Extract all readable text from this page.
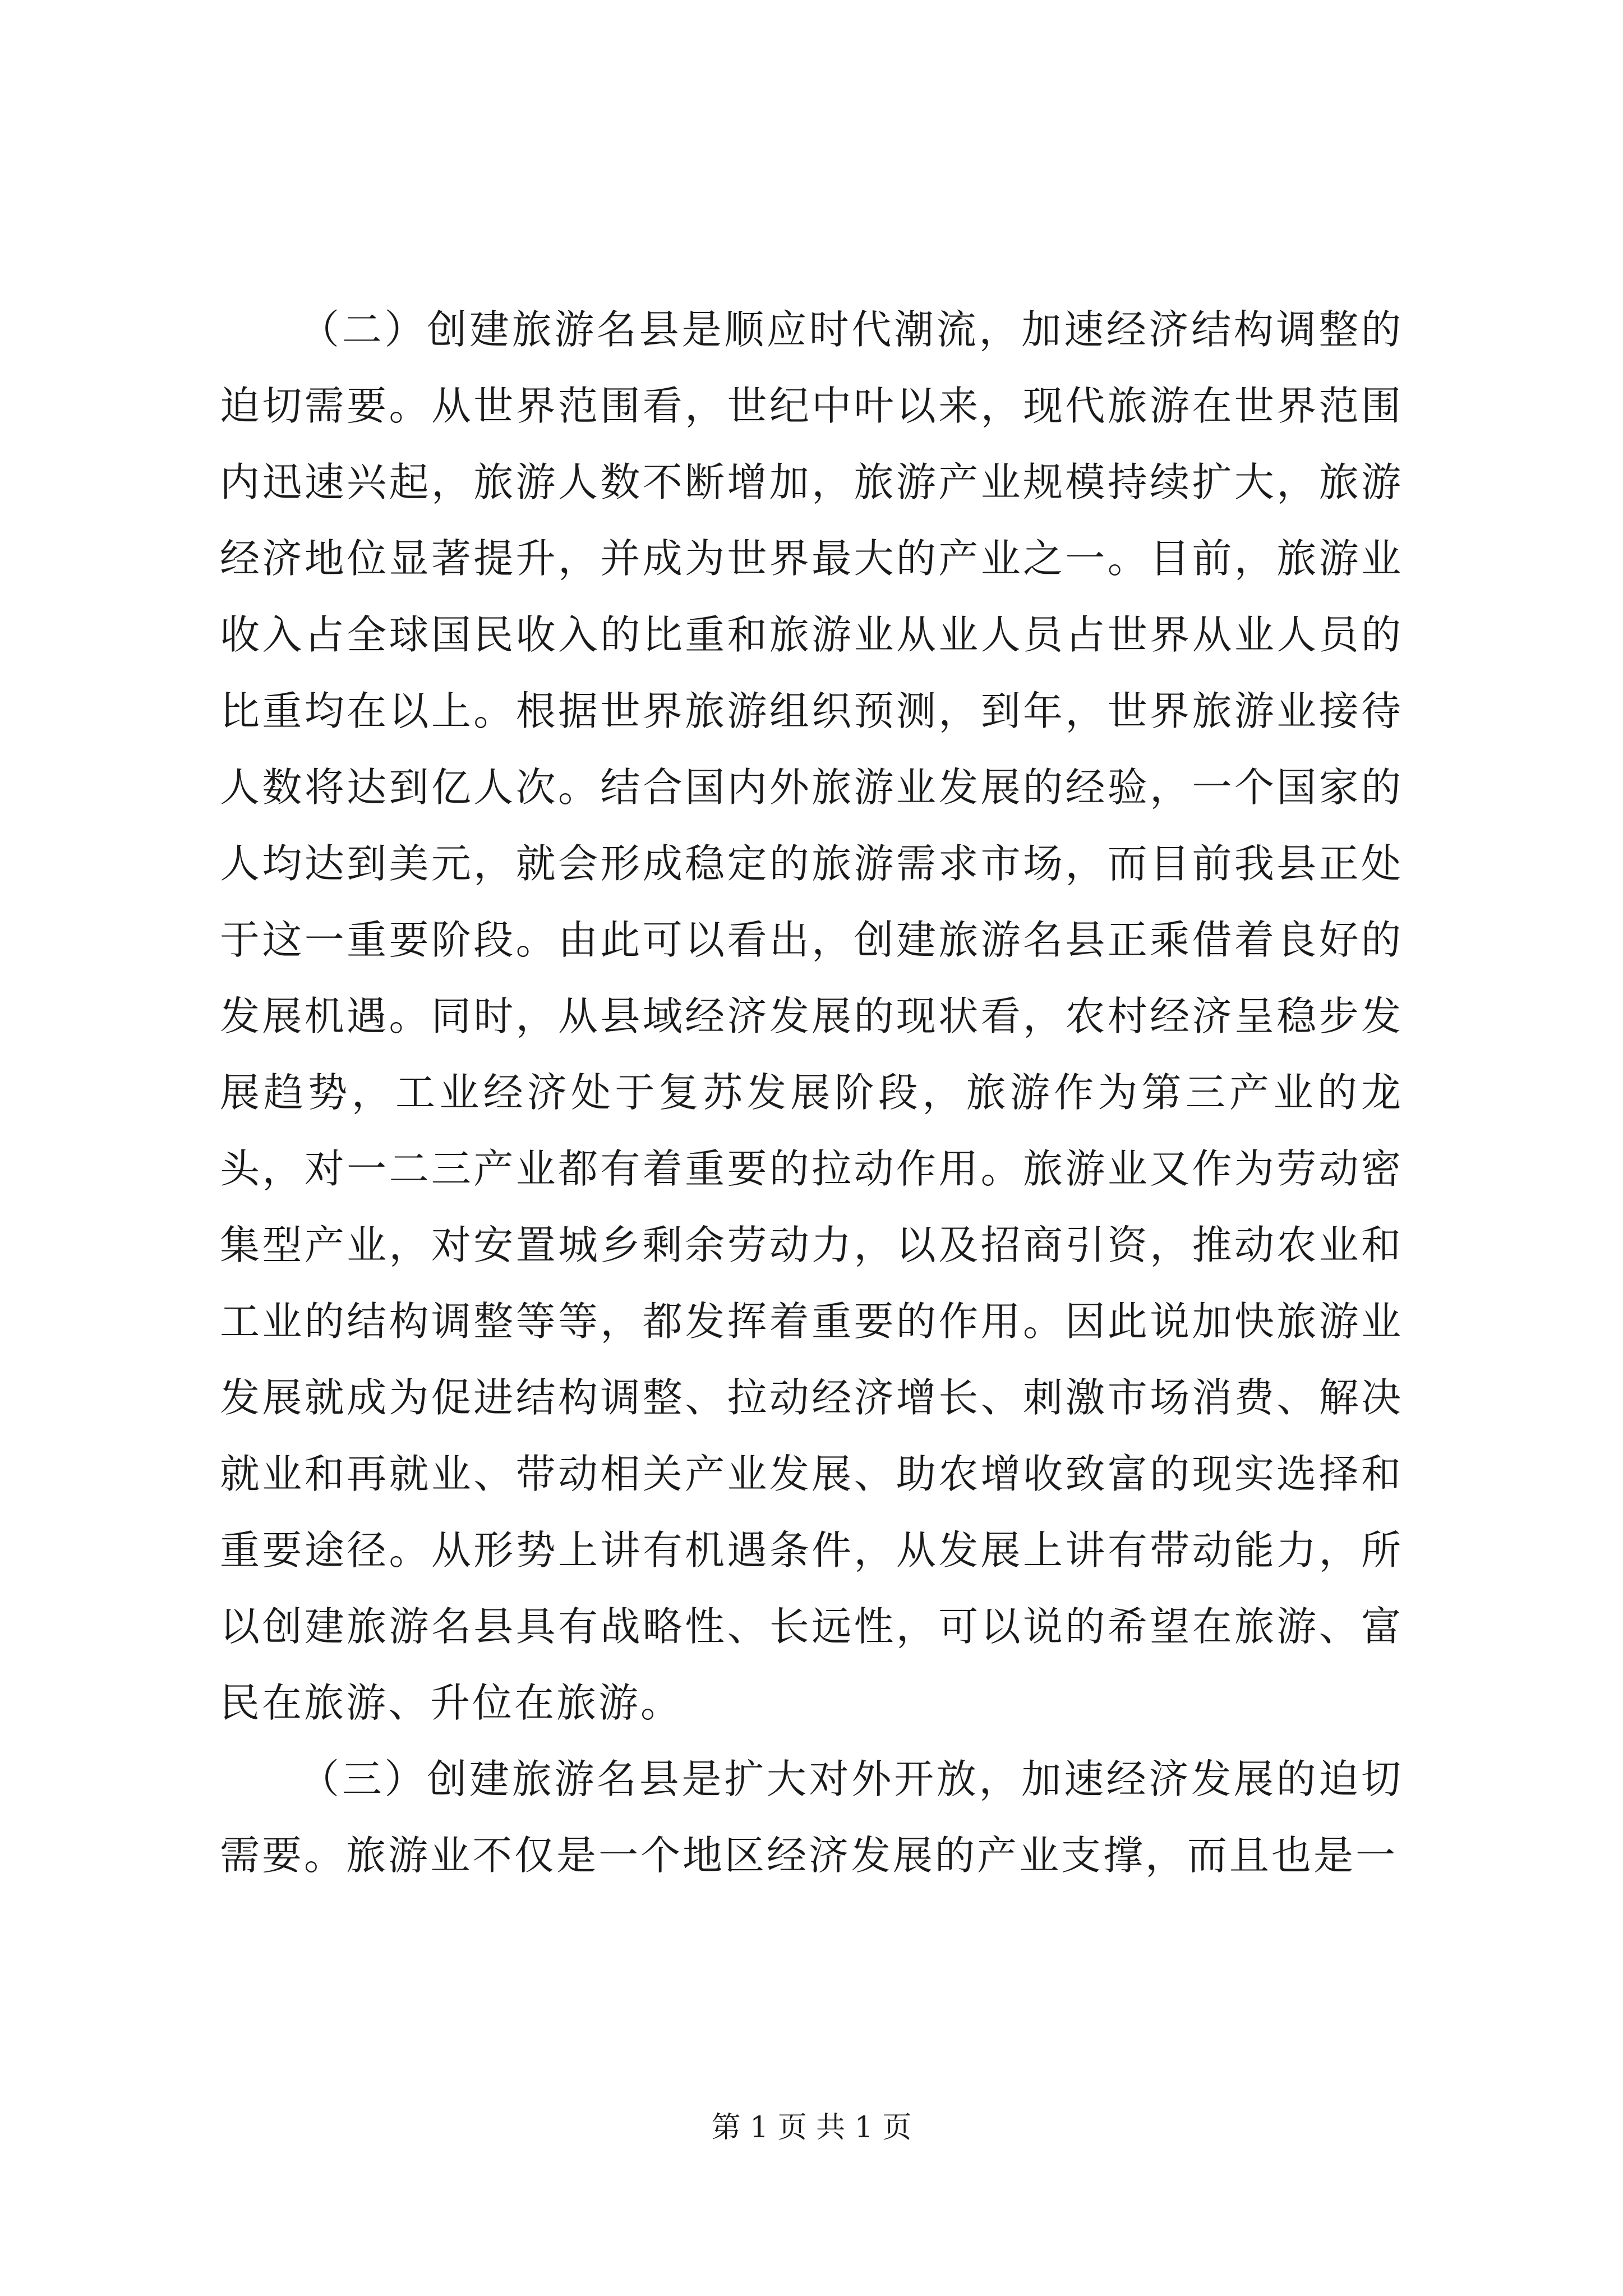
（二）创建旅游名县是顺应时代潮流，加速经济结构调整的迫切需要。从世界范围看，世纪中叶以来，现代旅游在世界范围内迅速兴起，旅游人数不断增加，旅游产业规模持续扩大，旅游经济地位显著提升，并成为世界最大的产业之一。目前，旅游业收入占全球国民收入的比重和旅游业从业人员占世界从业人员的比重均在以上。根据世界旅游组织预测，到年，世界旅游业接待人数将达到亿人次。结合国内外旅游业发展的经验，一个国家的人均达到美元，就会形成稳定的旅游需求市场，而目前我县正处于这一重要阶段。由此可以看出，创建旅游名县正乘借着良好的发展机遇。同时，从县域经济发展的现状看，农村经济呈稳步发展趋势，工业经济处于复苏发展阶段，旅游作为第三产业的龙头，对一二三产业都有着重要的拉动作用。旅游业又作为劳动密集型产业，对安置城乡剩余劳动力，以及招商引资，推动农业和工业的结构调整等等，都发挥着重要的作用。因此说加快旅游业发展就成为促进结构调整、拉动经济增长、刺激市场消费、解决就业和再就业、带动相关产业发展、助农增收致富的现实选择和重要途径。从形势上讲有机遇条件，从发展上讲有带动能力，所以创建旅游名县具有战略性、长远性，可以说的希望在旅游、富民在旅游、升位在旅游。

（三）创建旅游名县是扩大对外开放，加速经济发展的迫切需要。旅游业不仅是一个地区经济发展的产业支撑，而且也是一

第 1 页 共 1 页
